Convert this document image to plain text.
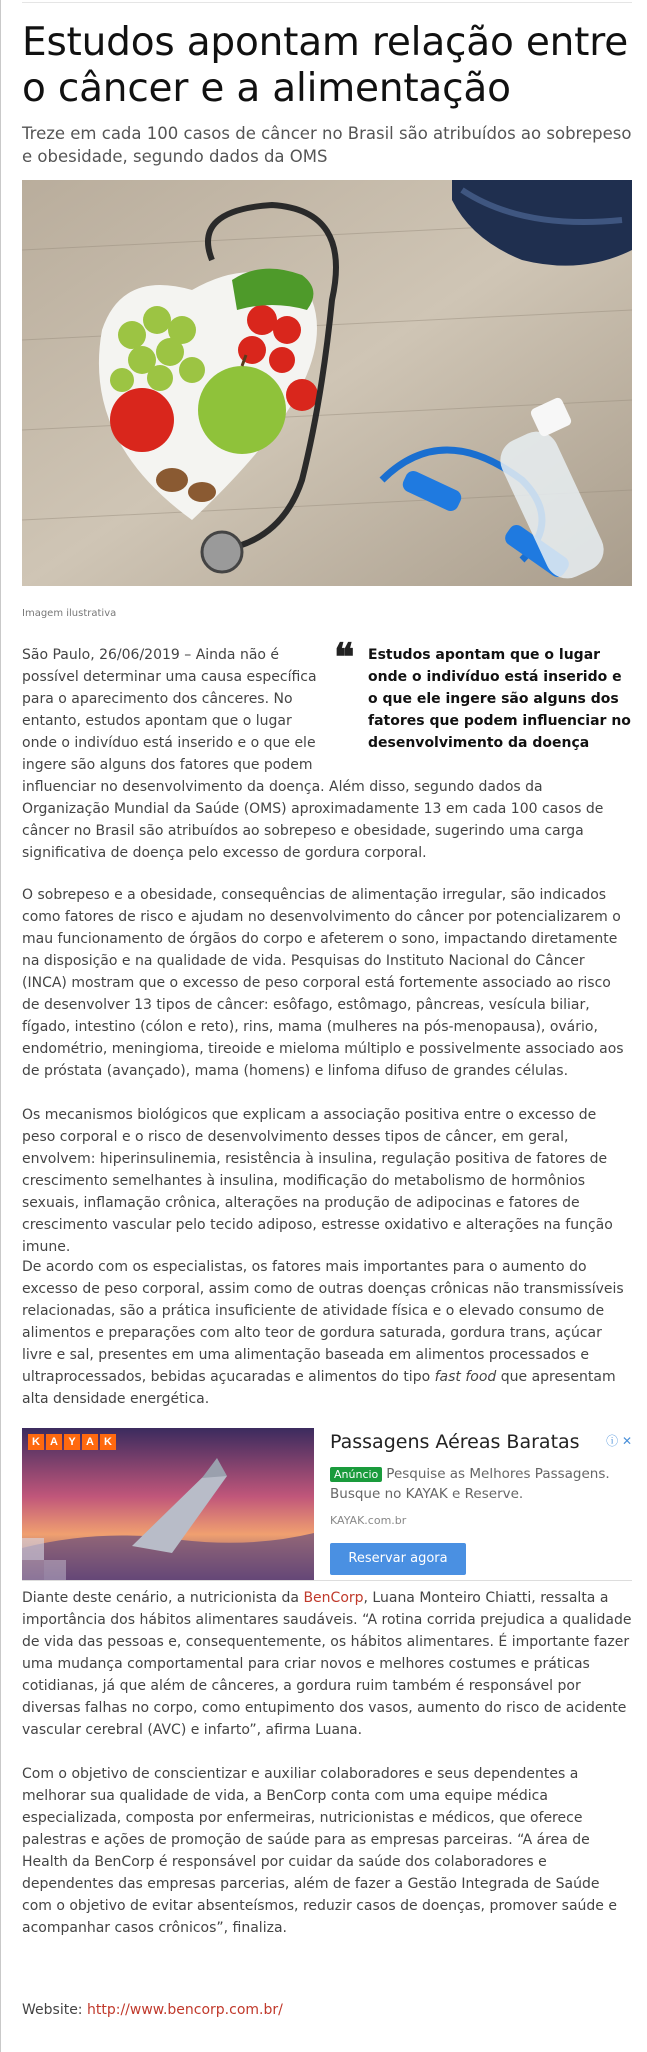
Estudos apontam relação entre o câncer e a alimentação
Treze em cada 100 casos de câncer no Brasil são atribuídos ao sobrepeso e obesidade, segundo dados da OMS
Imagem ilustrativa
❝ Estudos apontam que o lugar onde o indivíduo está inserido e o que ele ingere são alguns dos fatores que podem influenciar no desenvolvimento da doença

São Paulo, 26/06/2019 – Ainda não é possível determinar uma causa específica para o aparecimento dos cânceres. No entanto, estudos apontam que o lugar onde o indivíduo está inserido e o que ele ingere são alguns dos fatores que podem influenciar no desenvolvimento da doença. Além disso, segundo dados da Organização Mundial da Saúde (OMS) aproximadamente 13 em cada 100 casos de câncer no Brasil são atribuídos ao sobrepeso e obesidade, sugerindo uma carga significativa de doença pelo excesso de gordura corporal.

O sobrepeso e a obesidade, consequências de alimentação irregular, são indicados como fatores de risco e ajudam no desenvolvimento do câncer por potencializarem o mau funcionamento de órgãos do corpo e afeterem o sono, impactando diretamente na disposição e na qualidade de vida. Pesquisas do Instituto Nacional do Câncer (INCA) mostram que o excesso de peso corporal está fortemente associado ao risco de desenvolver 13 tipos de câncer: esôfago, estômago, pâncreas, vesícula biliar, fígado, intestino (cólon e reto), rins, mama (mulheres na pós-menopausa), ovário, endométrio, meningioma, tireoide e mieloma múltiplo e possivelmente associado aos de próstata (avançado), mama (homens) e linfoma difuso de grandes células.

Os mecanismos biológicos que explicam a associação positiva entre o excesso de peso corporal e o risco de desenvolvimento desses tipos de câncer, em geral, envolvem: hiperinsulinemia, resistência à insulina, regulação positiva de fatores de crescimento semelhantes à insulina, modificação do metabolismo de hormônios sexuais, inflamação crônica, alterações na produção de adipocinas e fatores de crescimento vascular pelo tecido adiposo, estresse oxidativo e alterações na função imune.

De acordo com os especialistas, os fatores mais importantes para o aumento do excesso de peso corporal, assim como de outras doenças crônicas não transmissíveis relacionadas, são a prática insuficiente de atividade física e o elevado consumo de alimentos e preparações com alto teor de gordura saturada, gordura trans, açúcar livre e sal, presentes em uma alimentação baseada em alimentos processados e ultraprocessados, bebidas açucaradas e alimentos do tipo fast food que apresentam alta densidade energética.

K A Y A K	Passagens Aéreas Baratas ⓘ ✕
Anúncio Pesquise as Melhores Passagens. Busque no KAYAK e Reserve.
KAYAK.com.br
Reservar agora

Diante deste cenário, a nutricionista da BenCorp, Luana Monteiro Chiatti, ressalta a importância dos hábitos alimentares saudáveis. “A rotina corrida prejudica a qualidade de vida das pessoas e, consequentemente, os hábitos alimentares. É importante fazer uma mudança comportamental para criar novos e melhores costumes e práticas cotidianas, já que além de cânceres, a gordura ruim também é responsável por diversas falhas no corpo, como entupimento dos vasos, aumento do risco de acidente vascular cerebral (AVC) e infarto”, afirma Luana.

Com o objetivo de conscientizar e auxiliar colaboradores e seus dependentes a melhorar sua qualidade de vida, a BenCorp conta com uma equipe médica especializada, composta por enfermeiras, nutricionistas e médicos, que oferece palestras e ações de promoção de saúde para as empresas parceiras. “A área de Health da BenCorp é responsável por cuidar da saúde dos colaboradores e dependentes das empresas parcerias, além de fazer a Gestão Integrada de Saúde com o objetivo de evitar absenteísmos, reduzir casos de doenças, promover saúde e acompanhar casos crônicos”, finaliza.

Website: http://www.bencorp.com.br/
